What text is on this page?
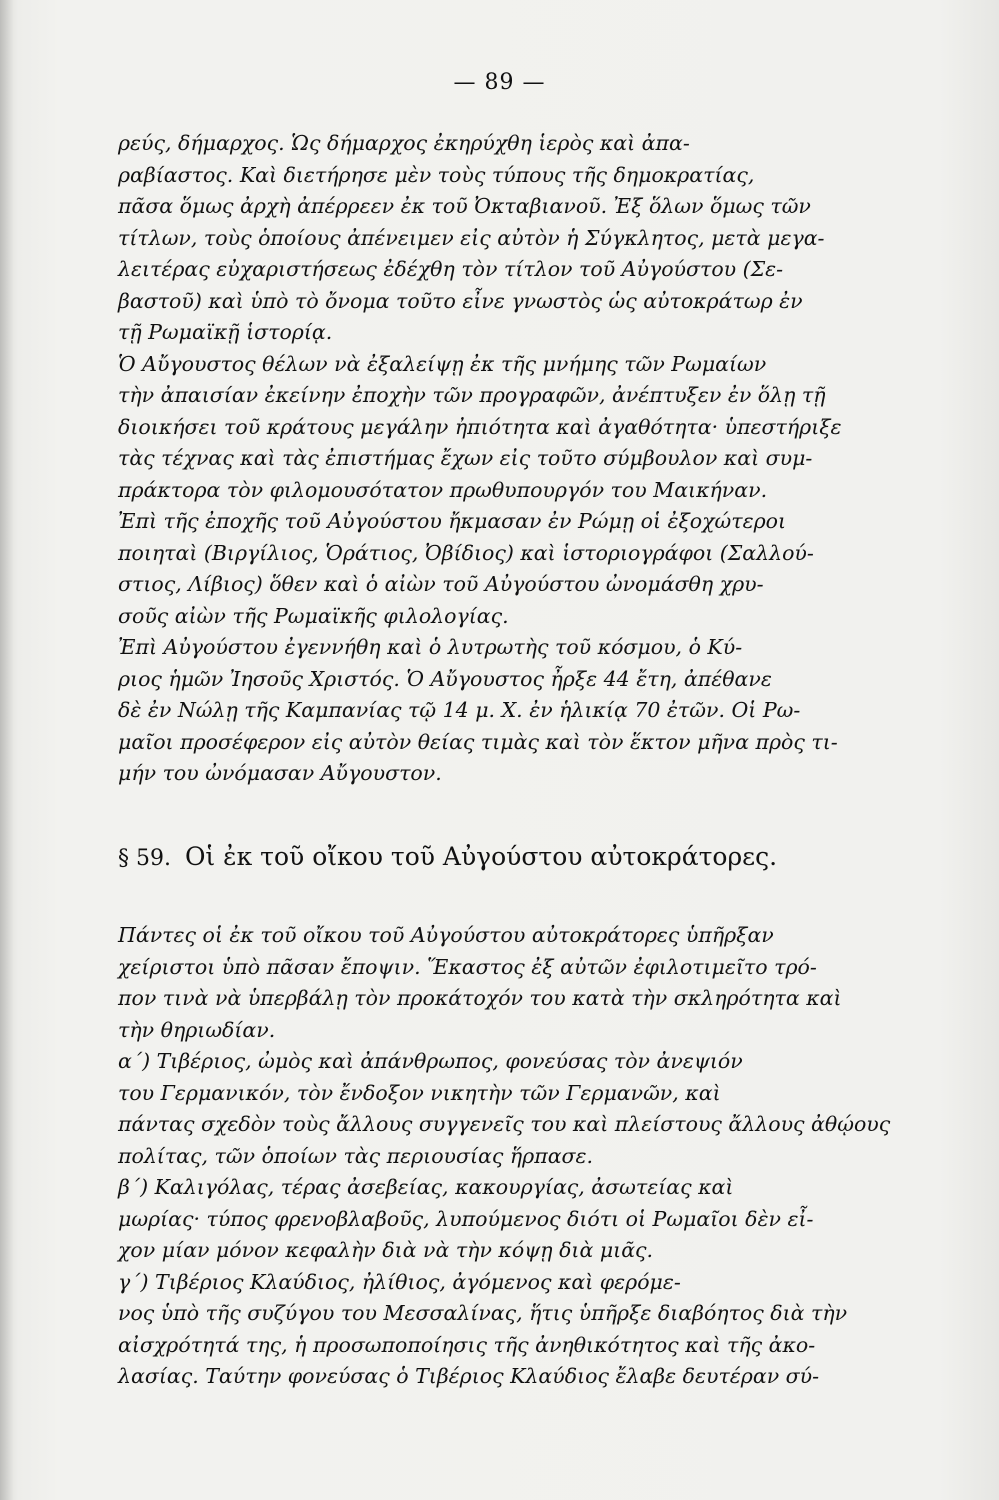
— 89 —
ρεύς, δήμαρχος. Ὡς δήμαρχος ἐκηρύχθη ἱερὸς καὶ ἀπα-
ραβίαστος. Καὶ διετήρησε μὲν τοὺς τύπους τῆς δημοκρατίας,
πᾶσα ὅμως ἀρχὴ ἀπέρρεεν ἐκ τοῦ Ὀκταβιανοῦ. Ἐξ ὅλων ὅμως τῶν
τίτλων, τοὺς ὁποίους ἀπένειμεν εἰς αὐτὸν ἡ Σύγκλητος, μετὰ μεγα-
λειτέρας εὐχαριστήσεως ἐδέχθη τὸν τίτλον τοῦ Αὐγούστου (Σε-
βαστοῦ) καὶ ὑπὸ τὸ ὄνομα τοῦτο εἶνε γνωστὸς ὡς αὐτοκράτωρ ἐν
τῇ Ρωμαϊκῇ ἱστορίᾳ.
Ὁ Αὔγουστος θέλων νὰ ἐξαλείψῃ ἐκ τῆς μνήμης τῶν Ρωμαίων
τὴν ἀπαισίαν ἐκείνην ἐποχὴν τῶν προγραφῶν, ἀνέπτυξεν ἐν ὅλῃ τῇ
διοικήσει τοῦ κράτους μεγάλην ἠπιότητα καὶ ἀγαθότητα· ὑπεστήριξε
τὰς τέχνας καὶ τὰς ἐπιστήμας ἔχων εἰς τοῦτο σύμβουλον καὶ συμ-
πράκτορα τὸν φιλομουσότατον πρωθυπουργόν του Μαικήναν.
Ἐπὶ τῆς ἐποχῆς τοῦ Αὐγούστου ἤκμασαν ἐν Ρώμῃ οἱ ἐξοχώτεροι
ποιηταὶ (Βιργίλιος, Ὁράτιος, Ὀβίδιος) καὶ ἱστοριογράφοι (Σαλλού-
στιος, Λίβιος) ὅθεν καὶ ὁ αἰὼν τοῦ Αὐγούστου ὠνομάσθη χρυ-
σοῦς αἰὼν τῆς Ρωμαϊκῆς φιλολογίας.
Ἐπὶ Αὐγούστου ἐγεννήθη καὶ ὁ λυτρωτὴς τοῦ κόσμου, ὁ Κύ-
ριος ἡμῶν Ἰησοῦς Χριστός. Ὁ Αὔγουστος ἦρξε 44 ἔτη, ἀπέθανε
δὲ ἐν Νώλῃ τῆς Καμπανίας τῷ 14 μ. Χ. ἐν ἡλικίᾳ 70 ἐτῶν. Οἱ Ρω-
μαῖοι προσέφερον εἰς αὐτὸν θείας τιμὰς καὶ τὸν ἕκτον μῆνα πρὸς τι-
μήν του ὠνόμασαν Αὔγουστον.
§ 59. Οἱ ἐκ τοῦ οἴκου τοῦ Αὐγούστου αὐτοκράτορες.
Πάντες οἱ ἐκ τοῦ οἴκου τοῦ Αὐγούστου αὐτοκράτορες ὑπῆρξαν
χείριστοι ὑπὸ πᾶσαν ἔποψιν. Ἕκαστος ἐξ αὐτῶν ἐφιλοτιμεῖτο τρό-
πον τινὰ νὰ ὑπερβάλῃ τὸν προκάτοχόν του κατὰ τὴν σκληρότητα καὶ
τὴν θηριωδίαν.
α΄) Τιβέριος, ὠμὸς καὶ ἀπάνθρωπος, φονεύσας τὸν ἀνεψιόν
του Γερμανικόν, τὸν ἔνδοξον νικητὴν τῶν Γερμανῶν, καὶ
πάντας σχεδὸν τοὺς ἄλλους συγγενεῖς του καὶ πλείστους ἄλλους ἀθῴους
πολίτας, τῶν ὁποίων τὰς περιουσίας ἥρπασε.
β΄) Καλιγόλας, τέρας ἀσεβείας, κακουργίας, ἀσωτείας καὶ
μωρίας· τύπος φρενοβλαβοῦς, λυπούμενος διότι οἱ Ρωμαῖοι δὲν εἶ-
χον μίαν μόνον κεφαλὴν διὰ νὰ τὴν κόψῃ διὰ μιᾶς.
γ΄) Τιβέριος Κλαύδιος, ἠλίθιος, ἀγόμενος καὶ φερόμε-
νος ὑπὸ τῆς συζύγου του Μεσσαλίνας, ἥτις ὑπῆρξε διαβόητος διὰ τὴν
αἰσχρότητά της, ἡ προσωποποίησις τῆς ἀνηθικότητος καὶ τῆς ἀκο-
λασίας. Ταύτην φονεύσας ὁ Τιβέριος Κλαύδιος ἔλαβε δευτέραν σύ-
